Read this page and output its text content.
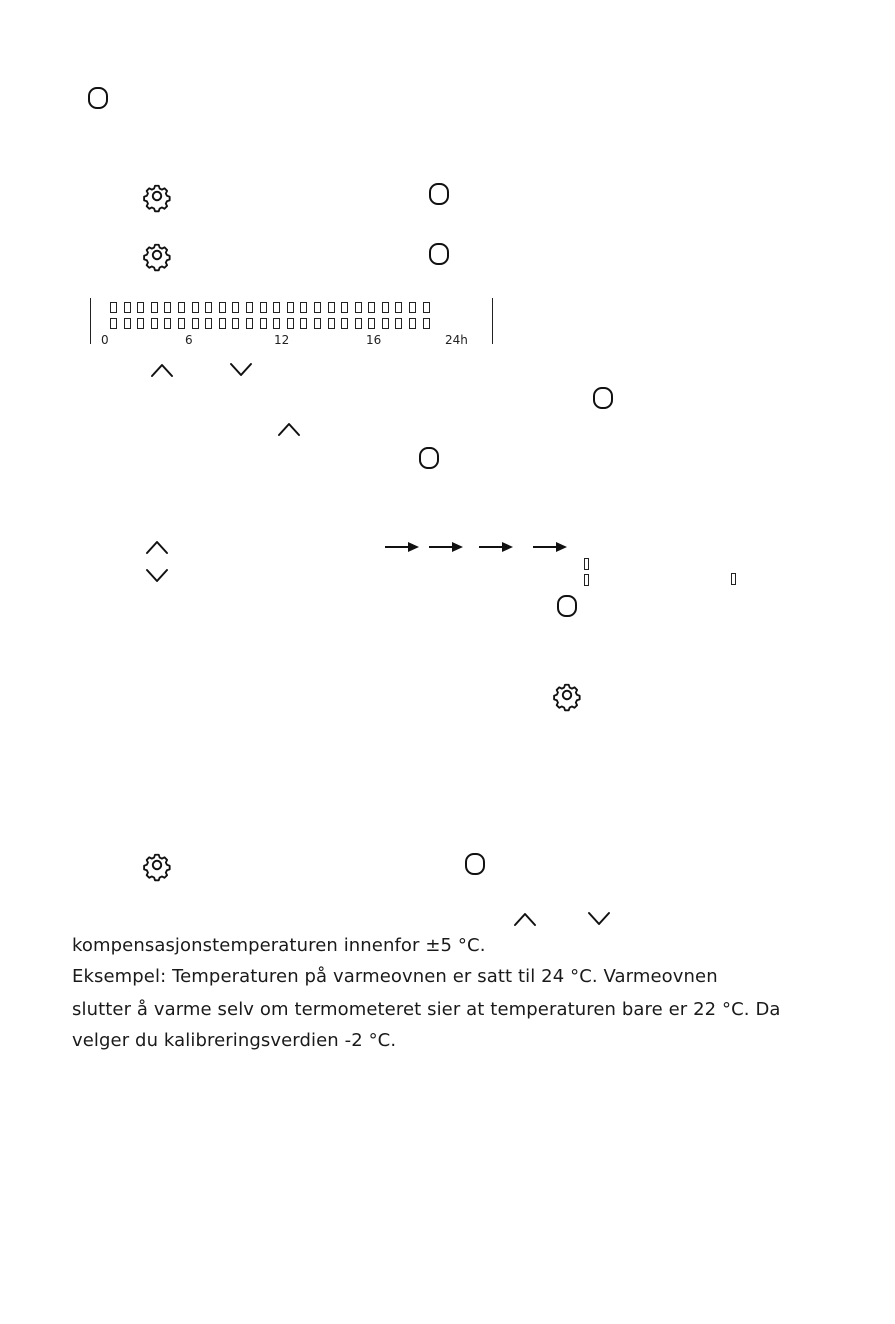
0	6	12	16	24h
kompensasjonstemperaturen innenfor ±5 °C.
Eksempel: Temperaturen på varmeovnen er satt til 24 °C. Varmeovnen
slutter å varme selv om termometeret sier at temperaturen bare er 22 °C. Da
velger du kalibreringsverdien -2 °C.
